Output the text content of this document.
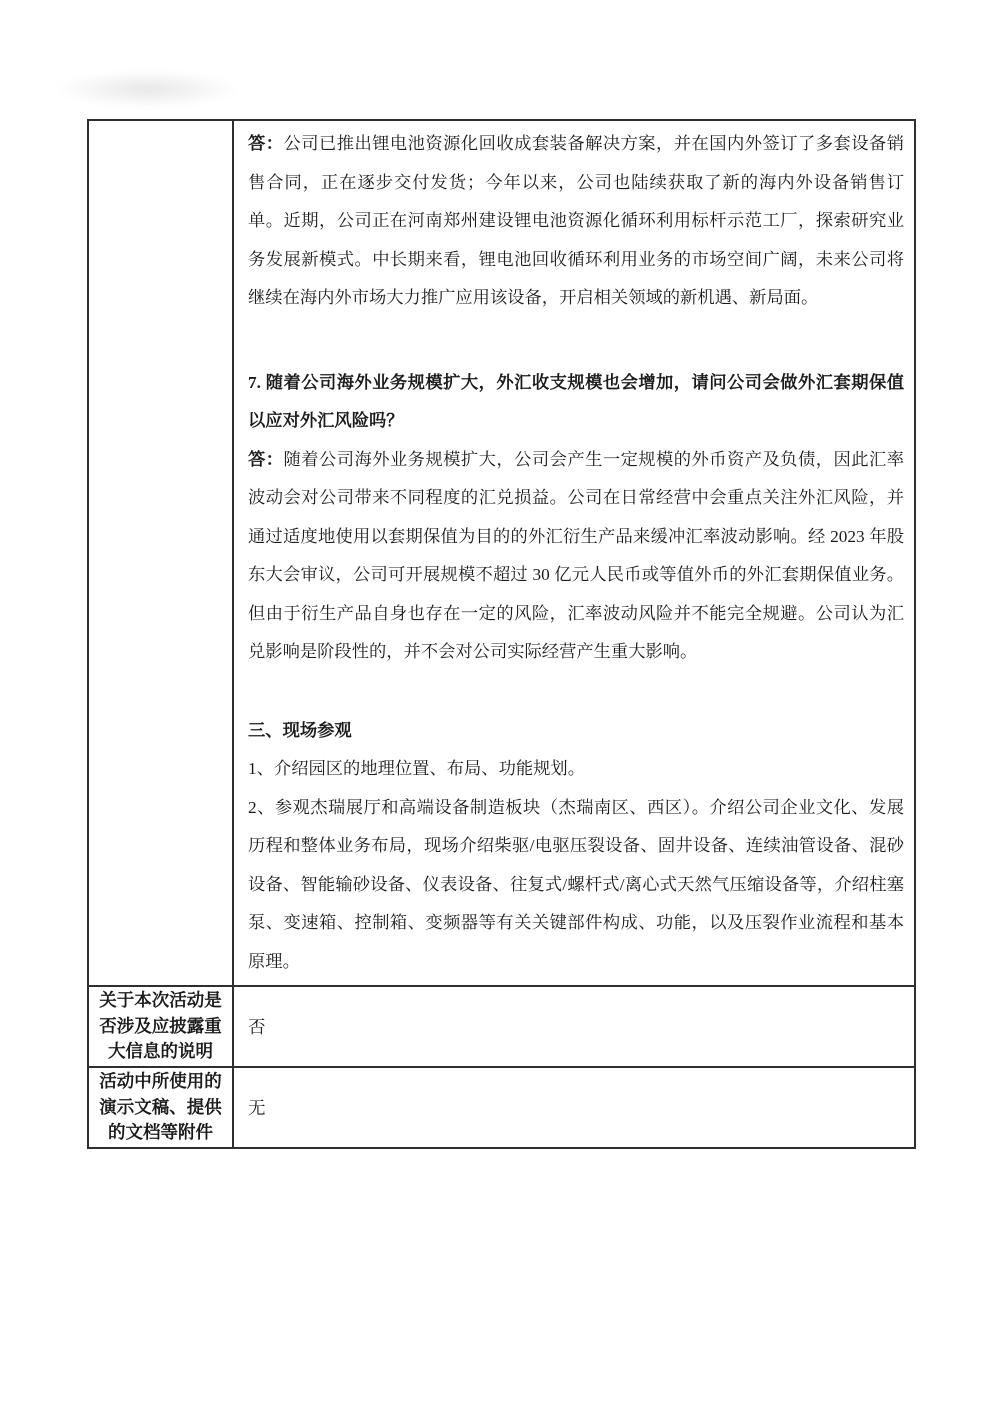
答：公司已推出锂电池资源化回收成套装备解决方案，并在国内外签订了多套设备销售合同，正在逐步交付发货；今年以来，公司也陆续获取了新的海内外设备销售订单。近期，公司正在河南郑州建设锂电池资源化循环利用标杆示范工厂，探索研究业务发展新模式。中长期来看，锂电池回收循环利用业务的市场空间广阔，未来公司将继续在海内外市场大力推广应用该设备，开启相关领域的新机遇、新局面。

7. 随着公司海外业务规模扩大，外汇收支规模也会增加，请问公司会做外汇套期保值以应对外汇风险吗？

答：随着公司海外业务规模扩大，公司会产生一定规模的外币资产及负债，因此汇率波动会对公司带来不同程度的汇兑损益。公司在日常经营中会重点关注外汇风险，并通过适度地使用以套期保值为目的的外汇衍生产品来缓冲汇率波动影响。经 2023 年股东大会审议，公司可开展规模不超过 30 亿元人民币或等值外币的外汇套期保值业务。但由于衍生产品自身也存在一定的风险，汇率波动风险并不能完全规避。公司认为汇兑影响是阶段性的，并不会对公司实际经营产生重大影响。

三、现场参观

1、介绍园区的地理位置、布局、功能规划。

2、参观杰瑞展厅和高端设备制造板块（杰瑞南区、西区）。介绍公司企业文化、发展历程和整体业务布局，现场介绍柴驱/电驱压裂设备、固井设备、连续油管设备、混砂设备、智能输砂设备、仪表设备、往复式/螺杆式/离心式天然气压缩设备等，介绍柱塞泵、变速箱、控制箱、变频器等有关关键部件构成、功能，以及压裂作业流程和基本原理。

关于本次活动是否涉及应披露重大信息的说明	否
活动中所使用的演示文稿、提供的文档等附件	无
